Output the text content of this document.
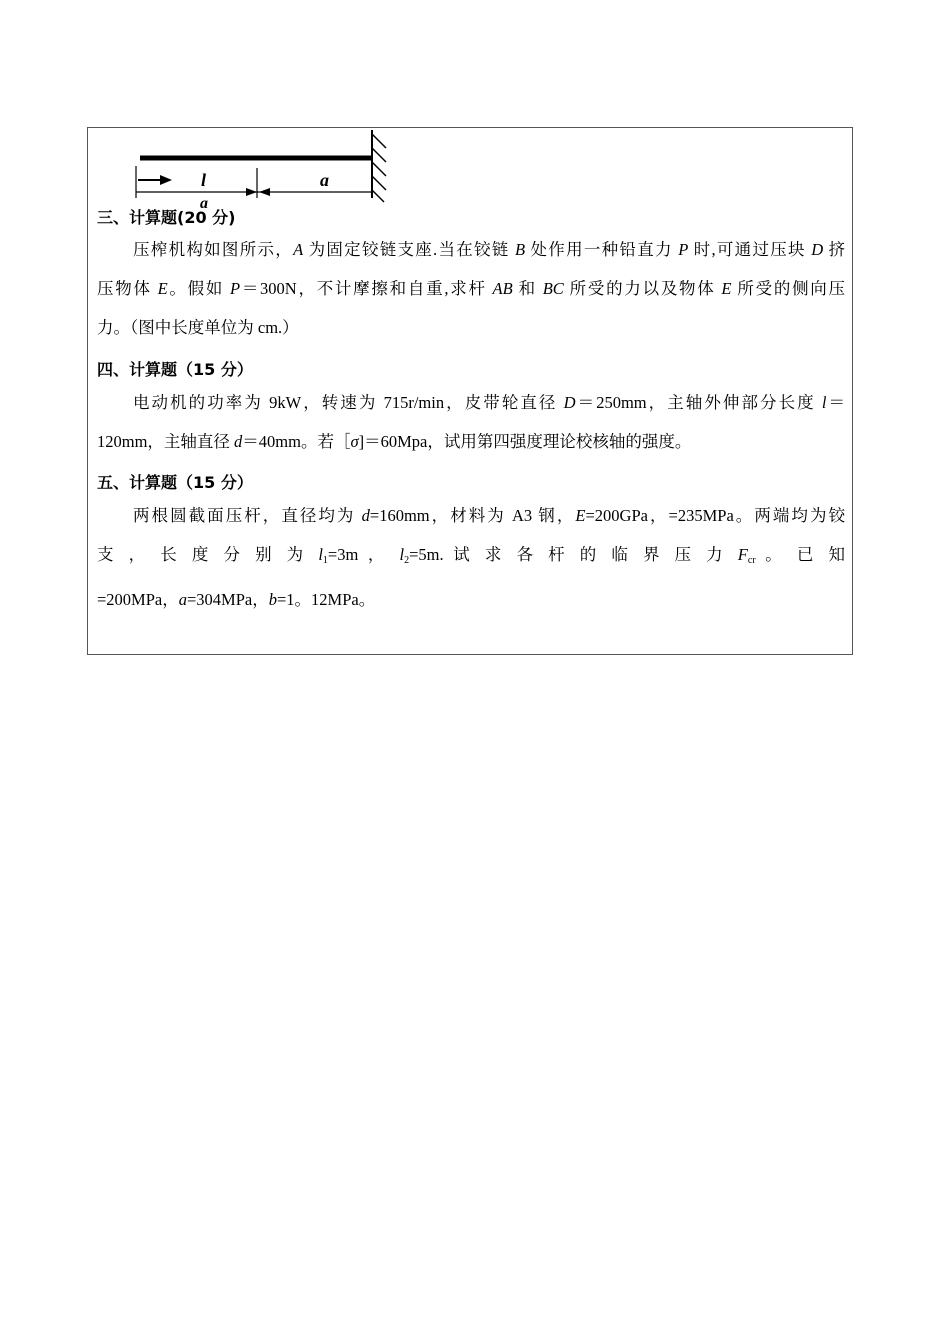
l	a
a
三、计算题(20 分)

压榨机构如图所示，A 为固定铰链支座.当在铰链 B 处作用一种铅直力 P 时,可通过压块 D 挤

压物体 E。假如 P＝300N，不计摩擦和自重,求杆 AB 和 BC 所受的力以及物体 E 所受的侧向压

力。（图中长度单位为 cm.）

四、计算题（15 分）

电动机的功率为 9kW，转速为 715r/min，皮带轮直径 D＝250mm，主轴外伸部分长度 l＝

120mm，主轴直径 d＝40mm。若［σ]＝60Mpa，试用第四强度理论校核轴的强度。

五、计算题（15 分）

两根圆截面压杆，直径均为 d=160mm，材料为 A3 钢，E=200GPa，=235MPa。两端均为铰

支 ， 长 度 分 别 为 $l_1=3m$ ， $l_2=5m$. 试 求 各 杆 的 临 界 压 力 $F_{cr}$ 。 已 知

=200MPa，a=304MPa，b=1。12MPa。
